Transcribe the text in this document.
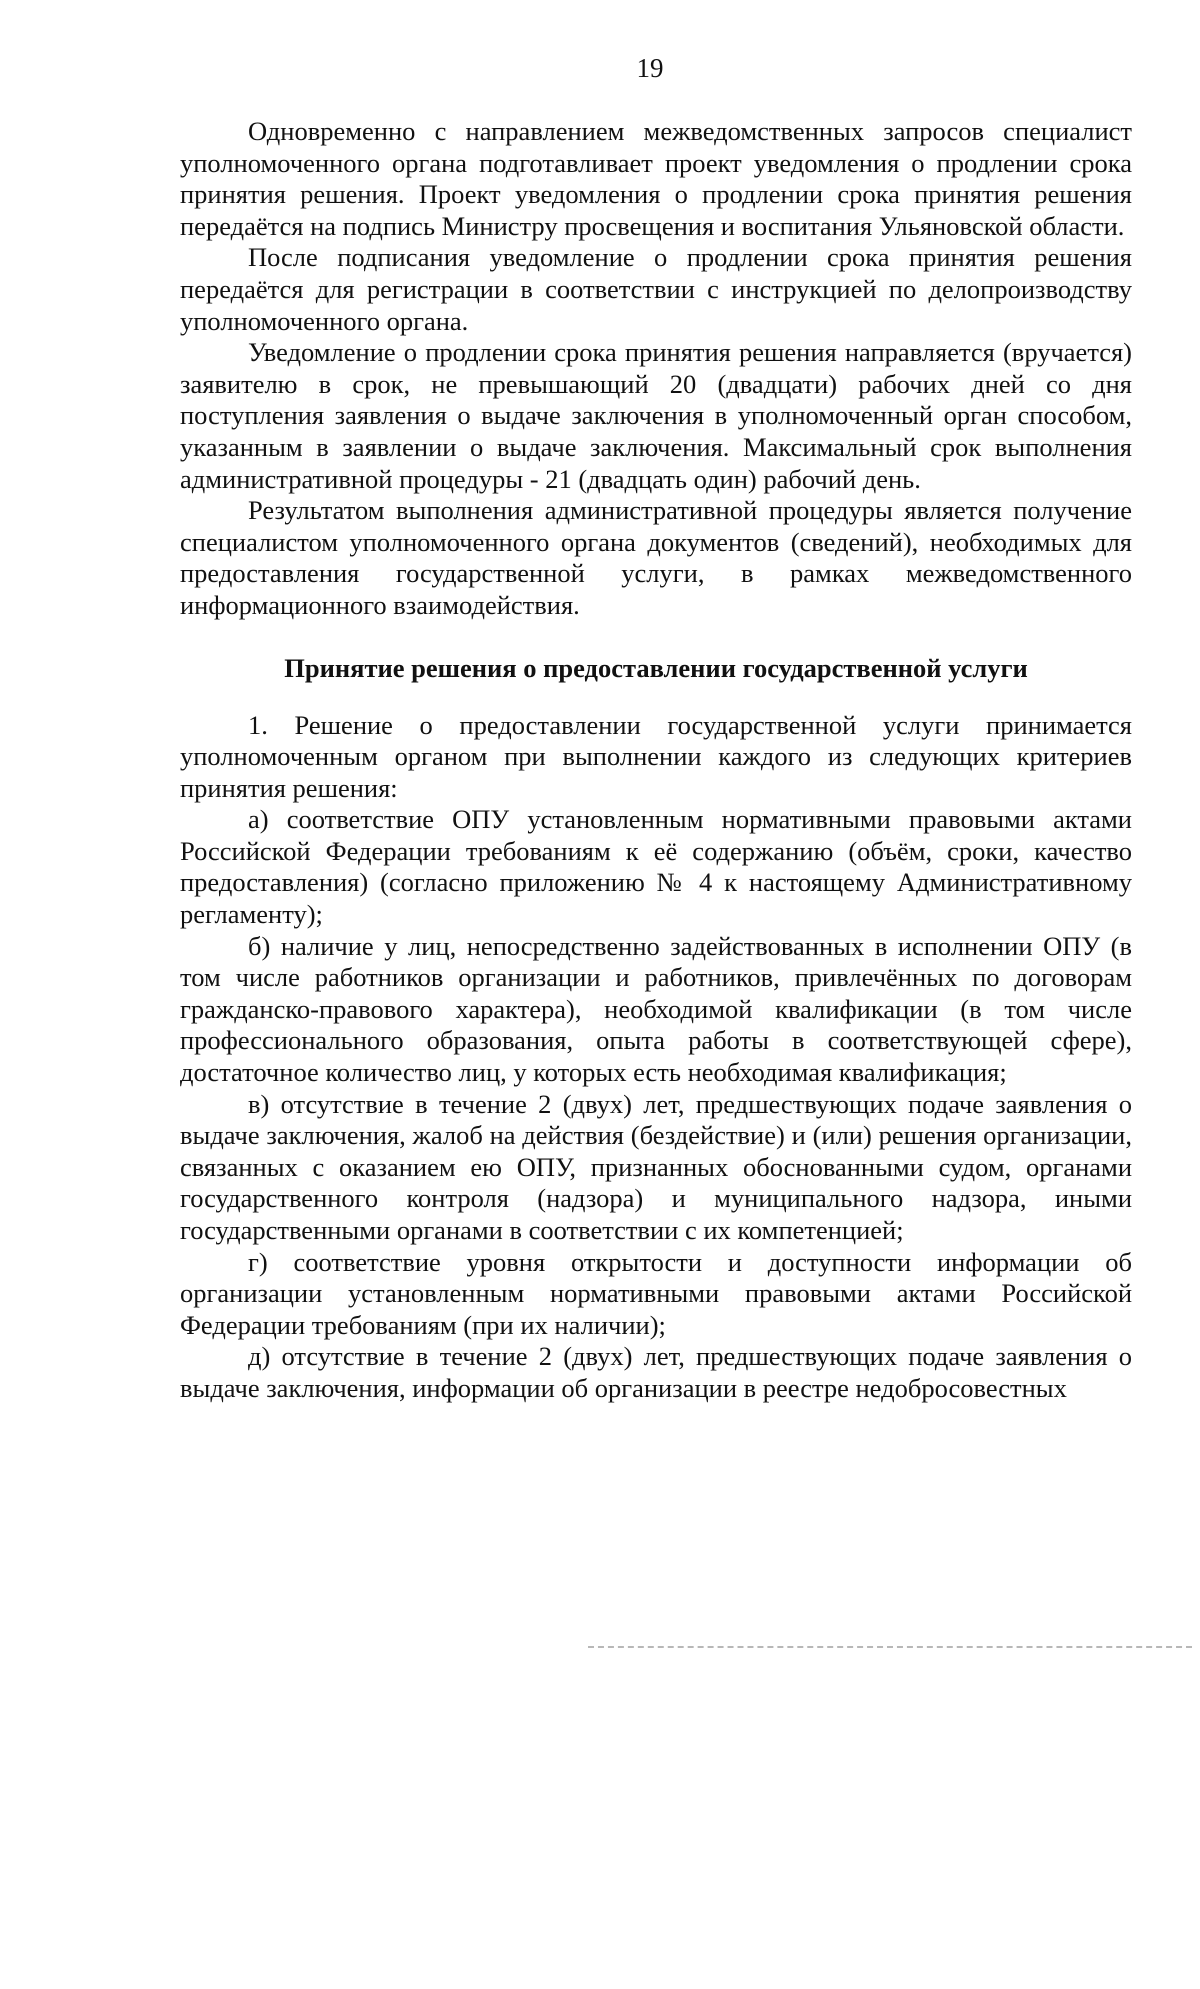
19

Одновременно с направлением межведомственных запросов специалист уполномоченного органа подготавливает проект уведомления о продлении срока принятия решения. Проект уведомления о продлении срока принятия решения передаётся на подпись Министру просвещения и воспитания Ульяновской области.

После подписания уведомление о продлении срока принятия решения передаётся для регистрации в соответствии с инструкцией по делопроизводству уполномоченного органа.

Уведомление о продлении срока принятия решения направляется (вручается) заявителю в срок, не превышающий 20 (двадцати) рабочих дней со дня поступления заявления о выдаче заключения в уполномоченный орган способом, указанным в заявлении о выдаче заключения. Максимальный срок выполнения административной процедуры - 21 (двадцать один) рабочий день.

Результатом выполнения административной процедуры является получение специалистом уполномоченного органа документов (сведений), необходимых для предоставления государственной услуги, в рамках межведомственного информационного взаимодействия.

Принятие решения о предоставлении государственной услуги

1. Решение о предоставлении государственной услуги принимается уполномоченным органом при выполнении каждого из следующих критериев принятия решения:

а) соответствие ОПУ установленным нормативными правовыми актами Российской Федерации требованиям к её содержанию (объём, сроки, качество предоставления) (согласно приложению № 4 к настоящему Административному регламенту);

б) наличие у лиц, непосредственно задействованных в исполнении ОПУ (в том числе работников организации и работников, привлечённых по договорам гражданско-правового характера), необходимой квалификации (в том числе профессионального образования, опыта работы в соответствующей сфере), достаточное количество лиц, у которых есть необходимая квалификация;

в) отсутствие в течение 2 (двух) лет, предшествующих подаче заявления о выдаче заключения, жалоб на действия (бездействие) и (или) решения организации, связанных с оказанием ею ОПУ, признанных обоснованными судом, органами государственного контроля (надзора) и муниципального надзора, иными государственными органами в соответствии с их компетенцией;

г) соответствие уровня открытости и доступности информации об организации установленным нормативными правовыми актами Российской Федерации требованиям (при их наличии);

д) отсутствие в течение 2 (двух) лет, предшествующих подаче заявления о выдаче заключения, информации об организации в реестре недобросовестных
